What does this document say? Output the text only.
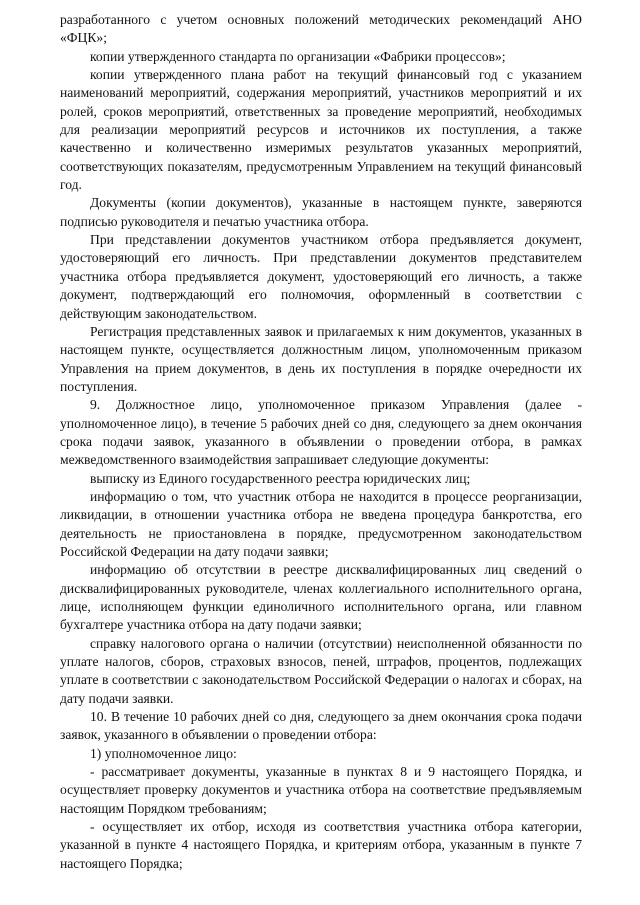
разработанного с учетом основных положений методических рекомендаций АНО «ФЦК»;

копии утвержденного стандарта по организации «Фабрики процессов»;

копии утвержденного плана работ на текущий финансовый год с указанием наименований мероприятий, содержания мероприятий, участников мероприятий и их ролей, сроков мероприятий, ответственных за проведение мероприятий, необходимых для реализации мероприятий ресурсов и источников их поступления, а также качественно и количественно измеримых результатов указанных мероприятий, соответствующих показателям, предусмотренным Управлением на текущий финансовый год.

Документы (копии документов), указанные в настоящем пункте, заверяются подписью руководителя и печатью участника отбора.

При представлении документов участником отбора предъявляется документ, удостоверяющий его личность. При представлении документов представителем участника отбора предъявляется документ, удостоверяющий его личность, а также документ, подтверждающий его полномочия, оформленный в соответствии с действующим законодательством.

Регистрация представленных заявок и прилагаемых к ним документов, указанных в настоящем пункте, осуществляется должностным лицом, уполномоченным приказом Управления на прием документов, в день их поступления в порядке очередности их поступления.

9. Должностное лицо, уполномоченное приказом Управления (далее - уполномоченное лицо), в течение 5 рабочих дней со дня, следующего за днем окончания срока подачи заявок, указанного в объявлении о проведении отбора, в рамках межведомственного взаимодействия запрашивает следующие документы:

выписку из Единого государственного реестра юридических лиц;

информацию о том, что участник отбора не находится в процессе реорганизации, ликвидации, в отношении участника отбора не введена процедура банкротства, его деятельность не приостановлена в порядке, предусмотренном законодательством Российской Федерации на дату подачи заявки;

информацию об отсутствии в реестре дисквалифицированных лиц сведений о дисквалифицированных руководителе, членах коллегиального исполнительного органа, лице, исполняющем функции единоличного исполнительного органа, или главном бухгалтере участника отбора на дату подачи заявки;

справку налогового органа о наличии (отсутствии) неисполненной обязанности по уплате налогов, сборов, страховых взносов, пеней, штрафов, процентов, подлежащих уплате в соответствии с законодательством Российской Федерации о налогах и сборах, на дату подачи заявки.

10. В течение 10 рабочих дней со дня, следующего за днем окончания срока подачи заявок, указанного в объявлении о проведении отбора:

1) уполномоченное лицо:

- рассматривает документы, указанные в пунктах 8 и 9 настоящего Порядка, и осуществляет проверку документов и участника отбора на соответствие предъявляемым настоящим Порядком требованиям;

- осуществляет их отбор, исходя из соответствия участника отбора категории, указанной в пункте 4 настоящего Порядка, и критериям отбора, указанным в пункте 7 настоящего Порядка;
